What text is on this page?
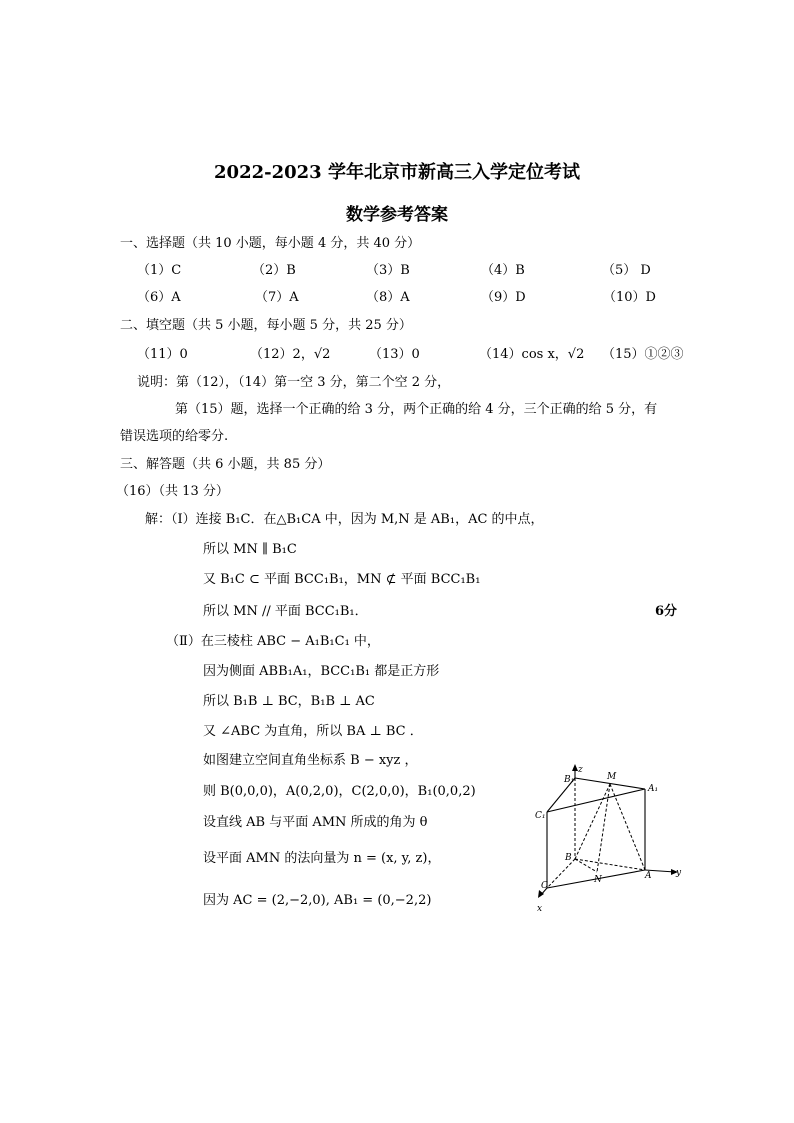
2022-2023 学年北京市新高三入学定位考试
数学参考答案
一、选择题（共 10 小题，每小题 4 分，共 40 分）
（1）C	（2）B	（3）B	（4）B	（5） D
（6）A	（7）A	（8）A	（9）D	（10）D
二、填空题（共 5 小题，每小题 5 分，共 25 分）
（11）0	（12）2，√2	（13）0	（14）cos x，√2 （15）①②③
说明：第（12），（14）第一空 3 分，第二个空 2 分，
第（15）题，选择一个正确的给 3 分，两个正确的给 4 分，三个正确的给 5 分，有
错误选项的给零分.
三、解答题（共 6 小题，共 85 分）
（16）（共 13 分）
解：（Ⅰ）连接 B₁C．在△B₁CA 中，因为 M,N 是 AB₁，AC 的中点，
所以 MN ∥ B₁C
又 B₁C ⊂ 平面 BCC₁B₁，MN ⊄ 平面 BCC₁B₁
所以 MN // 平面 BCC₁B₁．	6分
（Ⅱ）在三棱柱 ABC − A₁B₁C₁ 中，
因为侧面 ABB₁A₁，BCC₁B₁ 都是正方形
所以 B₁B ⊥ BC，B₁B ⊥ AC
又 ∠ABC 为直角，所以 BA ⊥ BC ．
如图建立空间直角坐标系 B − xyz ，
则 B(0,0,0)，A(0,2,0)，C(2,0,0)，B₁(0,0,2)
设直线 AB 与平面 AMN 所成的角为 θ
设平面 AMN 的法向量为 n = (x, y, z)，
因为 AC = (2,−2,0), AB₁ = (0,−2,2)
B₁
z
M
A₁
C₁
B
N	A	y
C
x
